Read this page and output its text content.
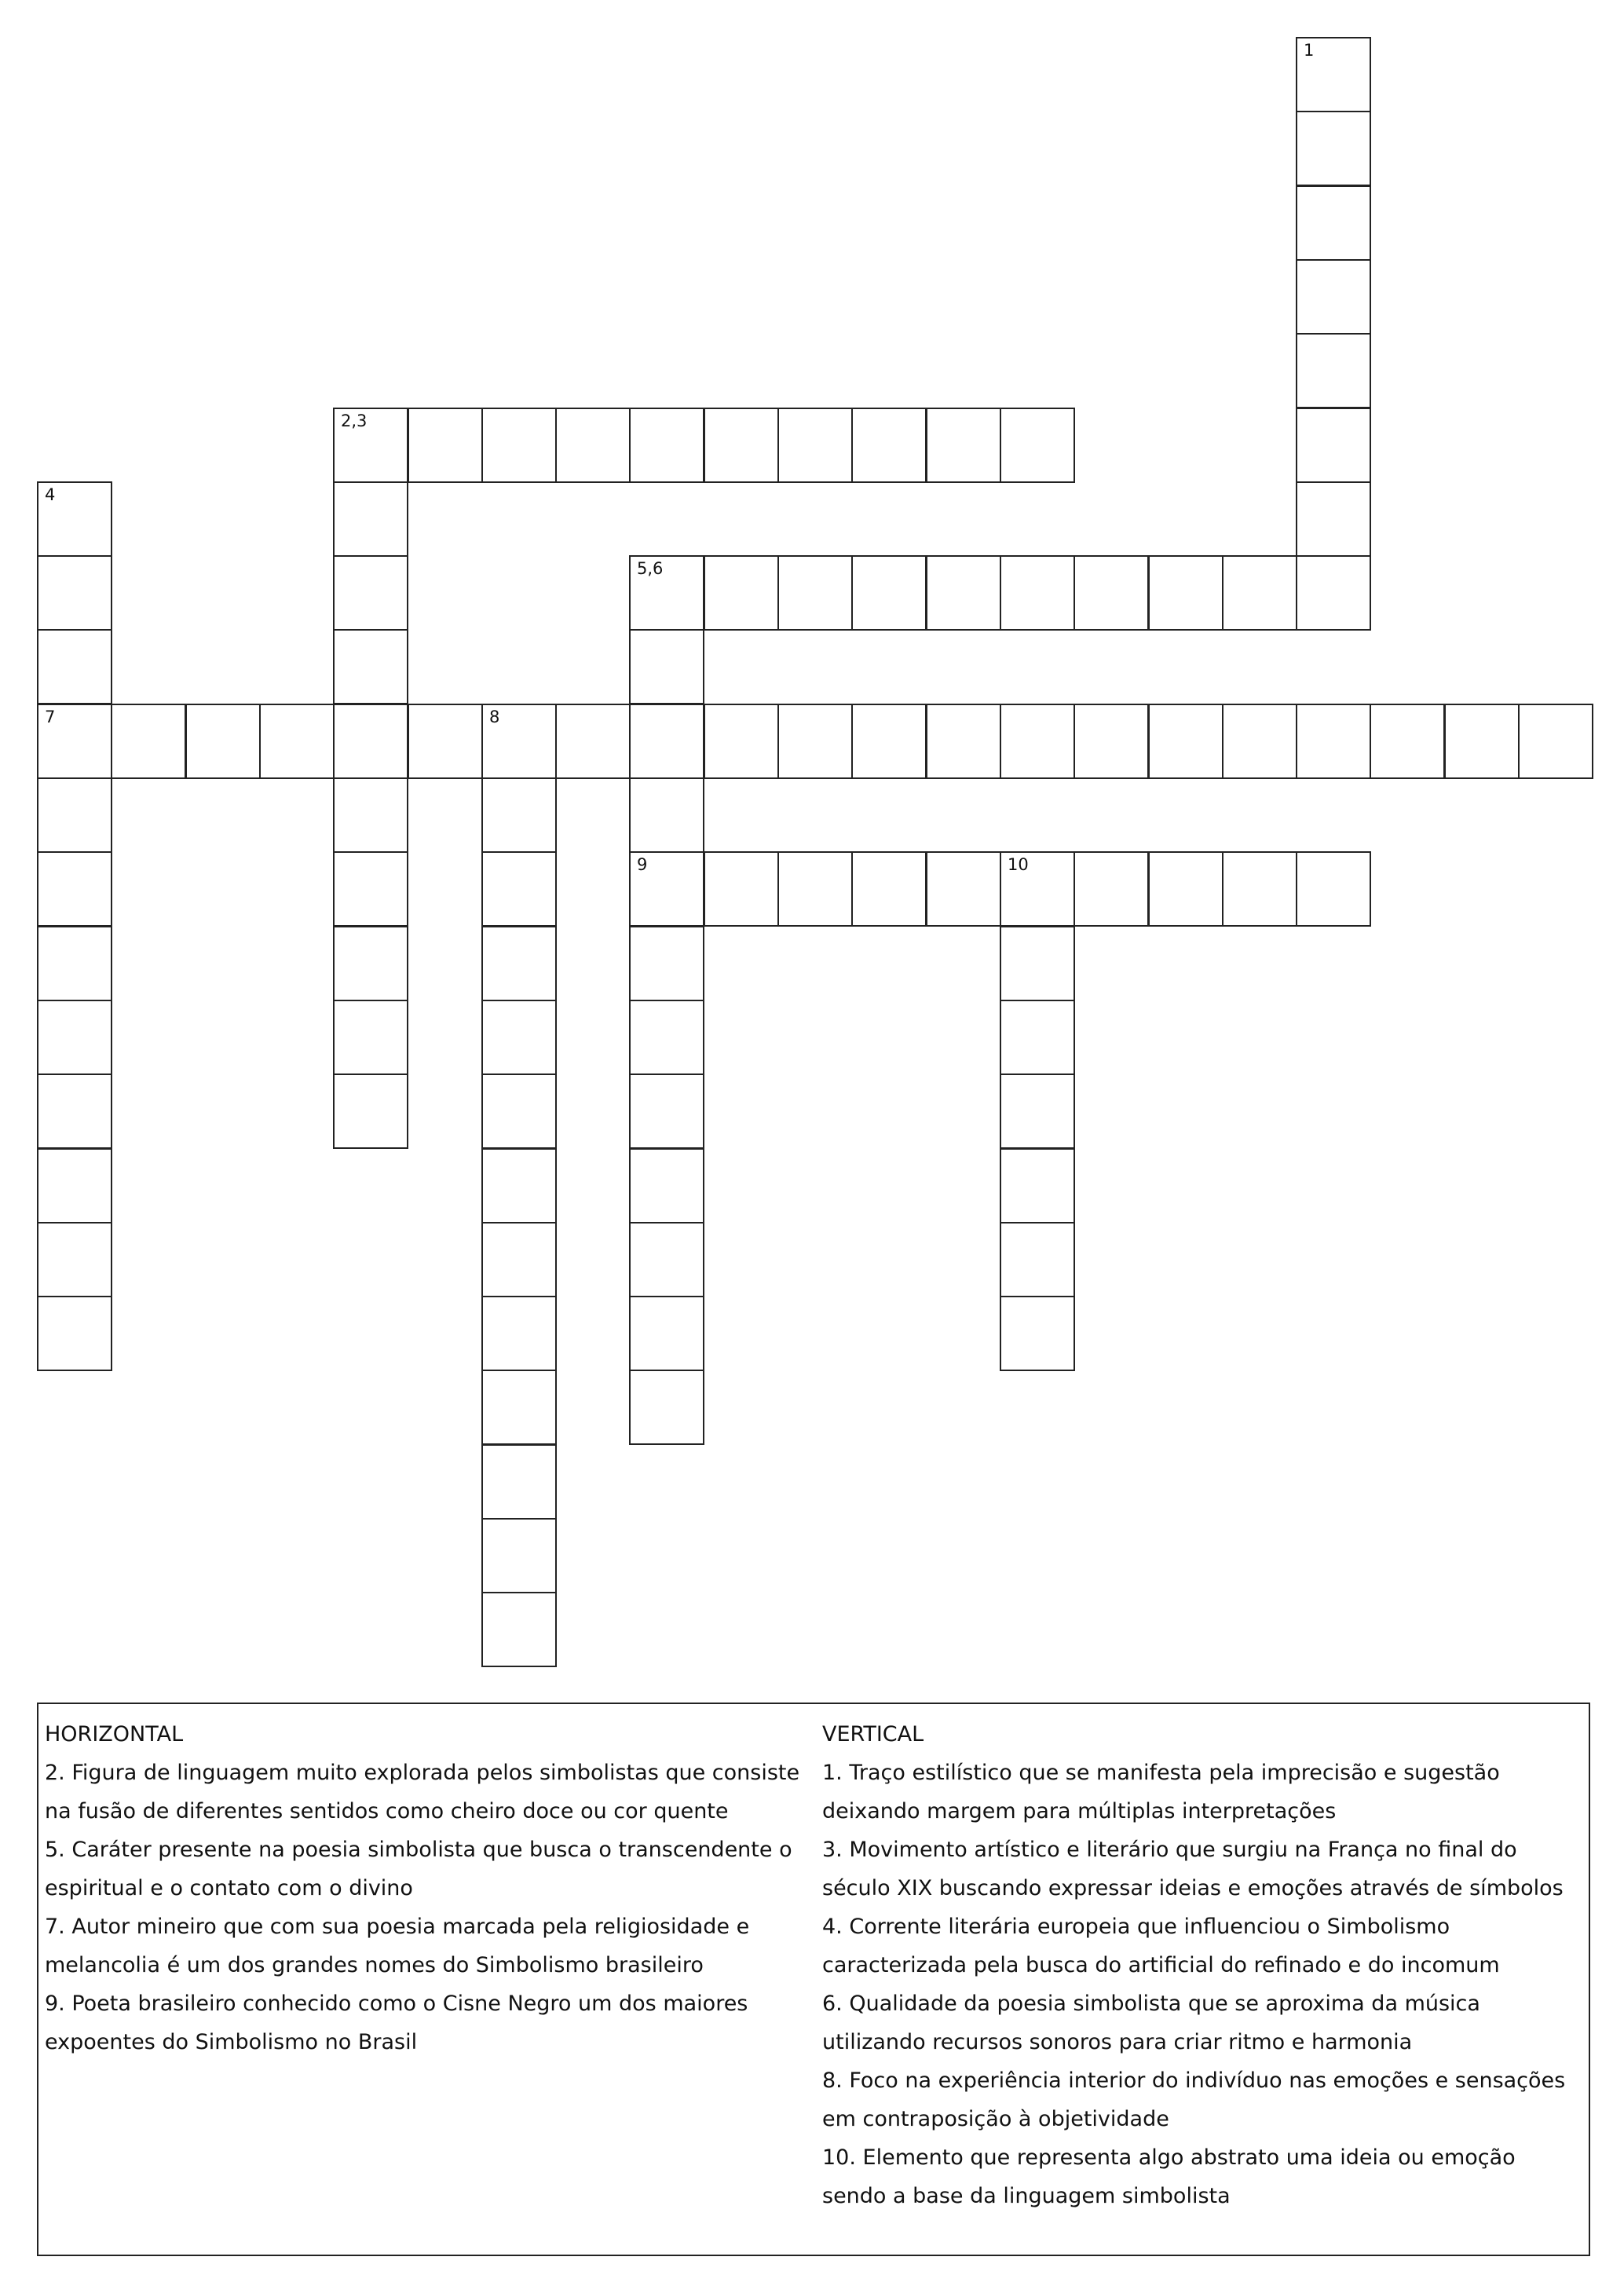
1
2,3
4
7
5,6
9
8
10
HORIZONTAL
2. Figura de linguagem muito explorada pelos simbolistas que consiste na fusão de diferentes sentidos como cheiro doce ou cor quente
5. Caráter presente na poesia simbolista que busca o transcendente o espiritual e o contato com o divino
7. Autor mineiro que com sua poesia marcada pela religiosidade e melancolia é um dos grandes nomes do Simbolismo brasileiro
9. Poeta brasileiro conhecido como o Cisne Negro um dos maiores expoentes do Simbolismo no Brasil
VERTICAL
1. Traço estilístico que se manifesta pela imprecisão e sugestão deixando margem para múltiplas interpretações
3. Movimento artístico e literário que surgiu na França no final do século XIX buscando expressar ideias e emoções através de símbolos
4. Corrente literária europeia que influenciou o Simbolismo caracterizada pela busca do artificial do refinado e do incomum
6. Qualidade da poesia simbolista que se aproxima da música utilizando recursos sonoros para criar ritmo e harmonia
8. Foco na experiência interior do indivíduo nas emoções e sensações em contraposição à objetividade
10. Elemento que representa algo abstrato uma ideia ou emoção sendo a base da linguagem simbolista
